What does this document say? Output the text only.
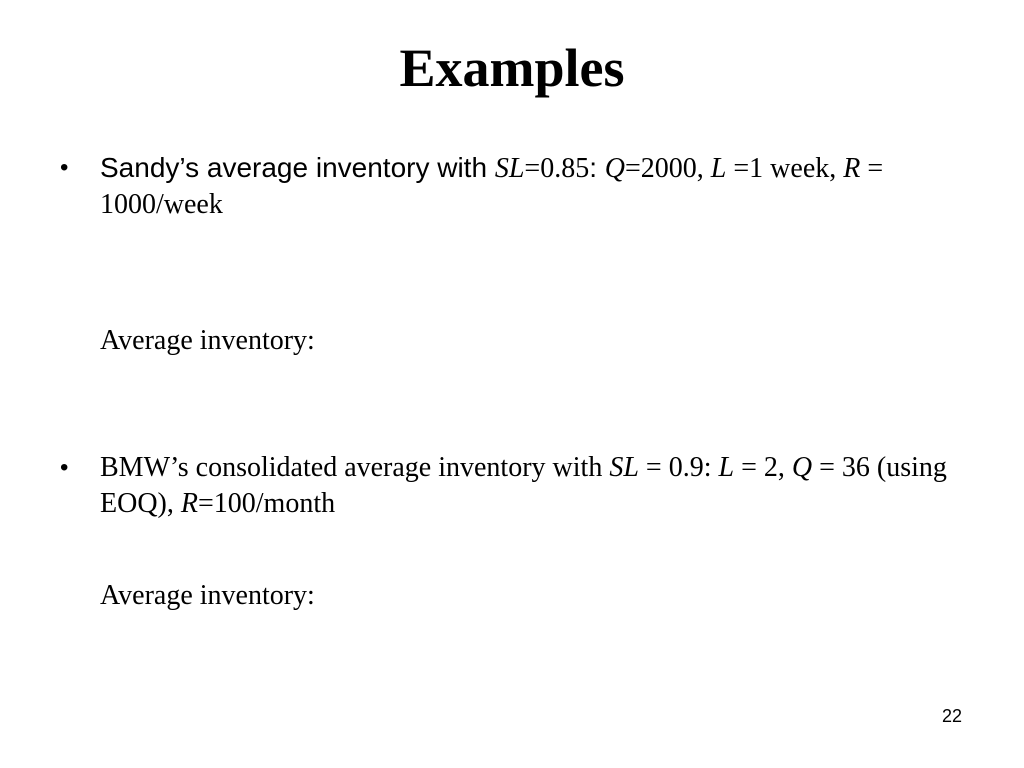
Examples
• Sandy’s average inventory with SL=0.85: Q=2000, L =1 week, R = 1000/week
Average inventory:
• BMW’s consolidated average inventory with SL = 0.9: L = 2, Q = 36 (using EOQ), R=100/month
Average inventory:
22
